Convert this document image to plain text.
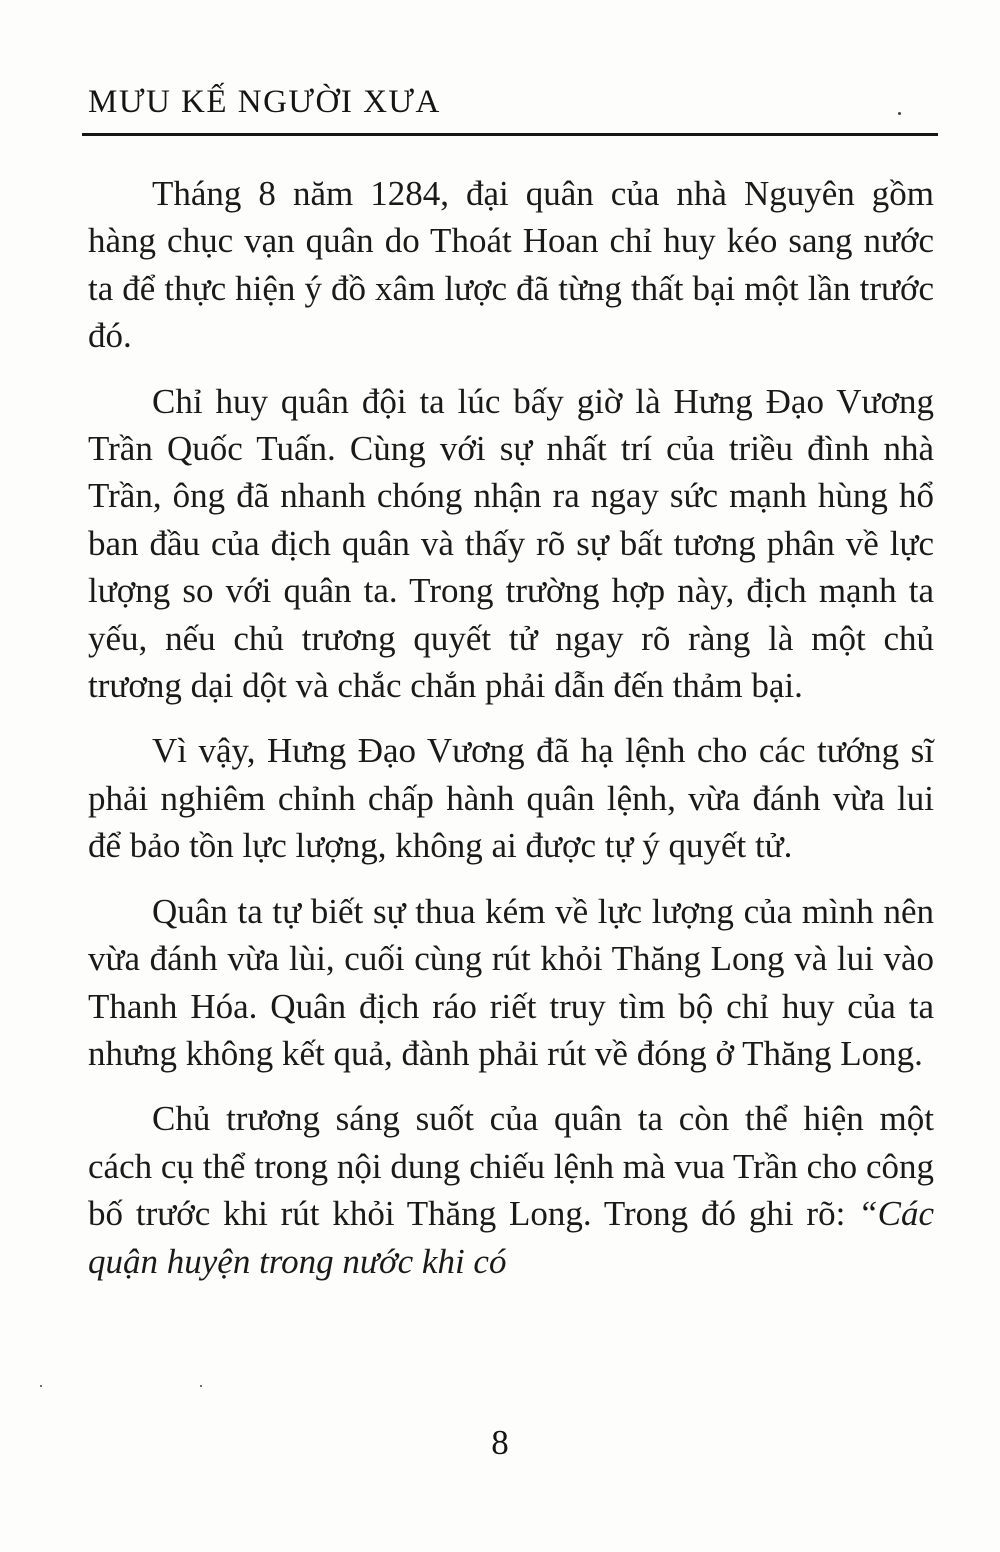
MƯU KẾ NGƯỜI XƯA

Tháng 8 năm 1284, đại quân của nhà Nguyên gồm hàng chục vạn quân do Thoát Hoan chỉ huy kéo sang nước ta để thực hiện ý đồ xâm lược đã từng thất bại một lần trước đó.

Chỉ huy quân đội ta lúc bấy giờ là Hưng Đạo Vương Trần Quốc Tuấn. Cùng với sự nhất trí của triều đình nhà Trần, ông đã nhanh chóng nhận ra ngay sức mạnh hùng hổ ban đầu của địch quân và thấy rõ sự bất tương phân về lực lượng so với quân ta. Trong trường hợp này, địch mạnh ta yếu, nếu chủ trương quyết tử ngay rõ ràng là một chủ trương dại dột và chắc chắn phải dẫn đến thảm bại.

Vì vậy, Hưng Đạo Vương đã hạ lệnh cho các tướng sĩ phải nghiêm chỉnh chấp hành quân lệnh, vừa đánh vừa lui để bảo tồn lực lượng, không ai được tự ý quyết tử.

Quân ta tự biết sự thua kém về lực lượng của mình nên vừa đánh vừa lùi, cuối cùng rút khỏi Thăng Long và lui vào Thanh Hóa. Quân địch ráo riết truy tìm bộ chỉ huy của ta nhưng không kết quả, đành phải rút về đóng ở Thăng Long.

Chủ trương sáng suốt của quân ta còn thể hiện một cách cụ thể trong nội dung chiếu lệnh mà vua Trần cho công bố trước khi rút khỏi Thăng Long. Trong đó ghi rõ: “Các quận huyện trong nước khi có

8
